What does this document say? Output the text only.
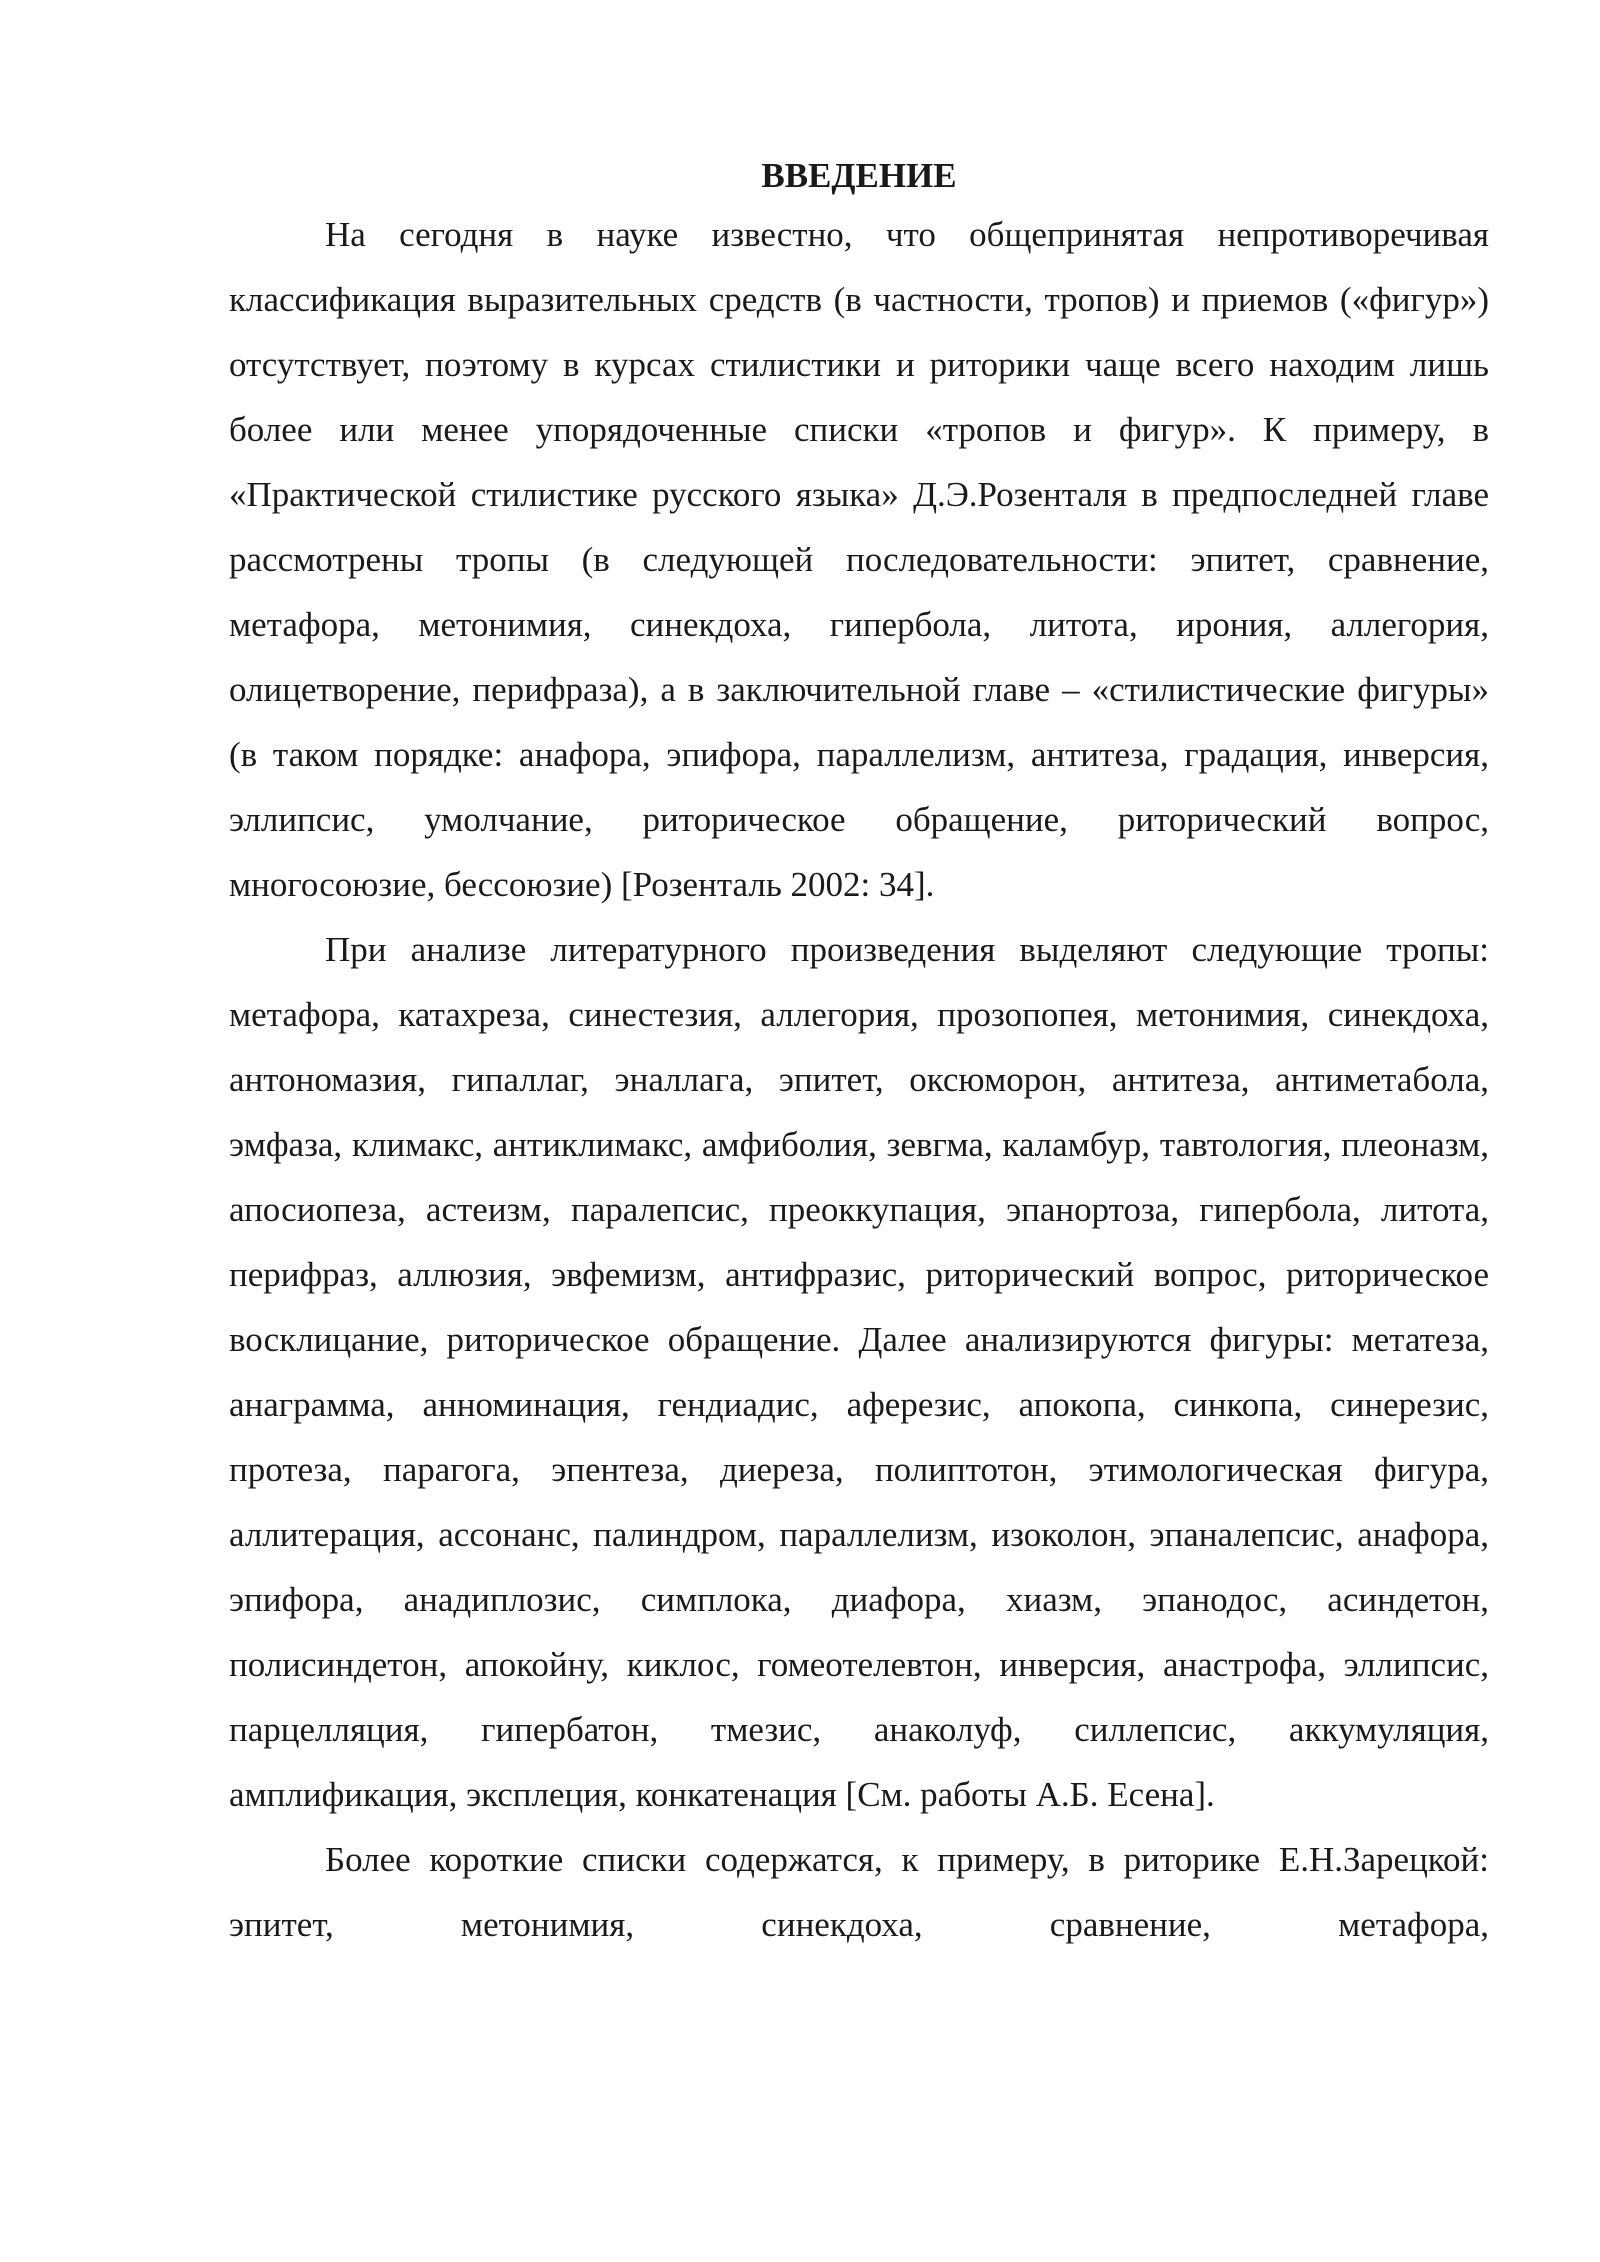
ВВЕДЕНИЕ

На сегодня в науке известно, что общепринятая непротиворечивая классификация выразительных средств (в частности, тропов) и приемов («фигур») отсутствует, поэтому в курсах стилистики и риторики чаще всего находим лишь более или менее упорядоченные списки «тропов и фигур». К примеру, в «Практической стилистике русского языка» Д.Э.Розенталя в предпоследней главе рассмотрены тропы (в следующей последовательности: эпитет, сравнение, метафора, метонимия, синекдоха, гипербола, литота, ирония, аллегория, олицетворение, перифраза), а в заключительной главе – «стилистические фигуры» (в таком порядке: анафора, эпифора, параллелизм, антитеза, градация, инверсия, эллипсис, умолчание, риторическое обращение, риторический вопрос, многосоюзие, бессоюзие) [Розенталь 2002: 34].

При анализе литературного произведения выделяют следующие тропы: метафора, катахреза, синестезия, аллегория, прозопопея, метонимия, синекдоха, антономазия, гипаллаг, эналлага, эпитет, оксюморон, антитеза, антиметабола, эмфаза, климакс, антиклимакс, амфиболия, зевгма, каламбур, тавтология, плеоназм, апосиопеза, астеизм, паралепсис, преоккупация, эпанортоза, гипербола, литота, перифраз, аллюзия, эвфемизм, антифразис, риторический вопрос, риторическое восклицание, риторическое обращение. Далее анализируются фигуры: метатеза, анаграмма, анноминация, гендиадис, аферезис, апокопа, синкопа, синерезис, протеза, парагога, эпентеза, диереза, полиптотон, этимологическая фигура, аллитерация, ассонанс, палиндром, параллелизм, изоколон, эпаналепсис, анафора, эпифора, анадиплозис, симплока, диафора, хиазм, эпанодос, асиндетон, полисиндетон, апокойну, киклос, гомеотелевтон, инверсия, анастрофа, эллипсис, парцелляция, гипербатон, тмезис, анаколуф, силлепсис, аккумуляция, амплификация, эксплеция, конкатенация [См. работы А.Б. Есена].

Более короткие списки содержатся, к примеру, в риторике Е.Н.Зарецкой: эпитет, метонимия, синекдоха, сравнение, метафора,
